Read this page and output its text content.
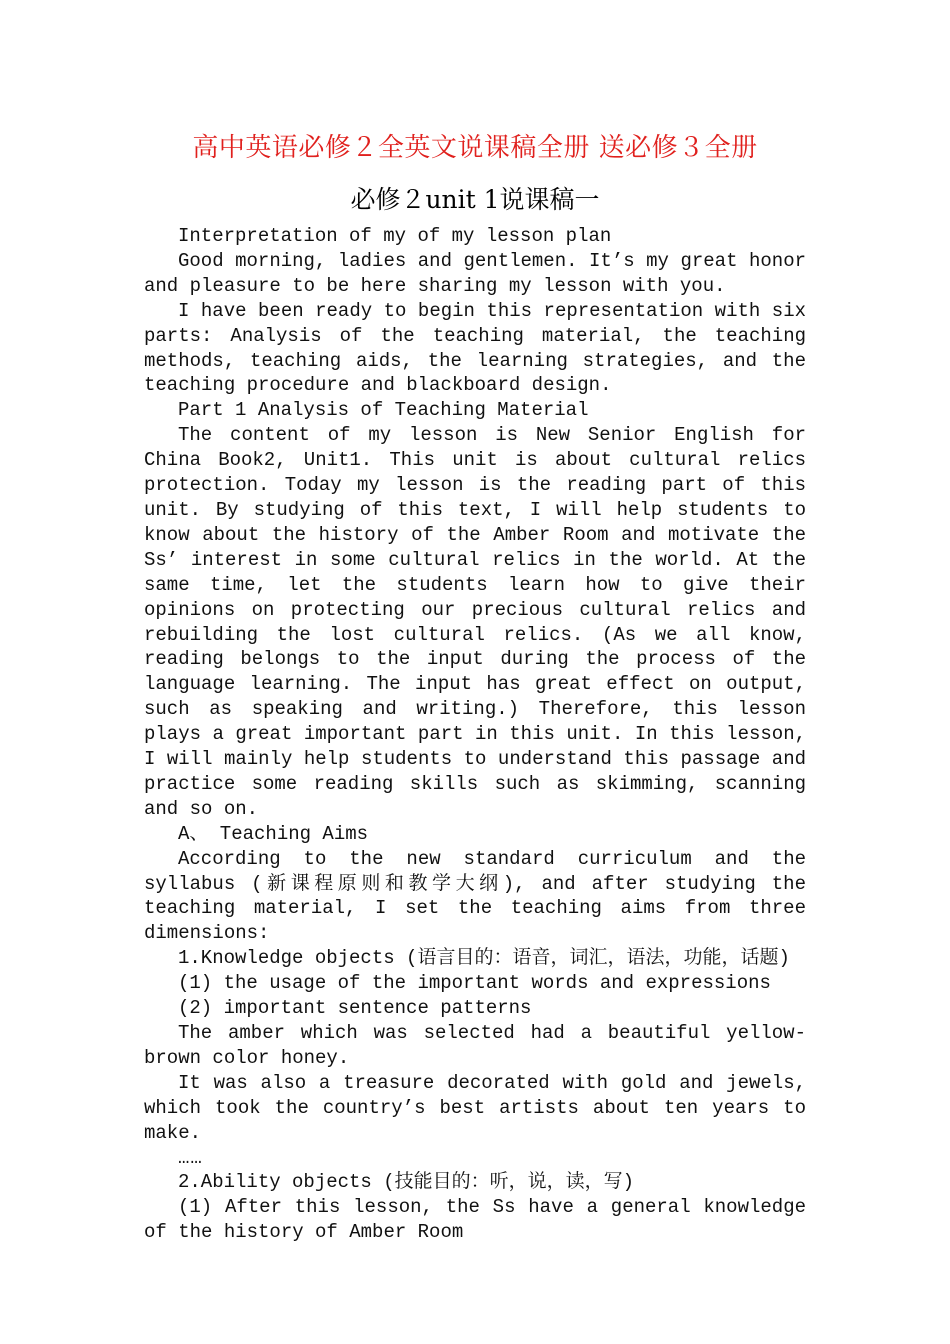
高中英语必修２全英文说课稿全册 送必修３全册
必修２unit 1说课稿一

Interpretation of my of my lesson plan

Good morning, ladies and gentlemen. It’s my great honor and pleasure to be here sharing my lesson with you.

I have been ready to begin this representation with six parts: Analysis of the teaching material, the teaching methods, teaching aids, the learning strategies, and the teaching procedure and blackboard design.

Part 1 Analysis of Teaching Material

The content of my lesson is New Senior English for China Book2, Unit1. This unit is about cultural relics protection. Today my lesson is the reading part of this unit. By studying of this text, I will help students to know about the history of the Amber Room and motivate the Ss’ interest in some cultural relics in the world. At the same time, let the students learn how to give their opinions on protecting our precious cultural relics and rebuilding the lost cultural relics. (As we all know, reading belongs to the input during the process of the language learning. The input has great effect on output, such as speaking and writing.) Therefore, this lesson plays a great important part in this unit. In this lesson, I will mainly help students to understand this passage and practice some reading skills such as skimming, scanning and so on.

A、 Teaching Aims

According to the new standard curriculum and the syllabus (新课程原则和教学大纲), and after studying the teaching material, I set the teaching aims from three dimensions:

1.Knowledge objects (语言目的：语音，词汇，语法，功能，话题)

(1) the usage of the important words and expressions

(2) important sentence patterns

The amber which was selected had a beautiful yellow-brown color honey.

It was also a treasure decorated with gold and jewels, which took the country’s best artists about ten years to make.

……

2.Ability objects (技能目的：听，说，读，写)

(1) After this lesson, the Ss have a general knowledge of the history of Amber Room
